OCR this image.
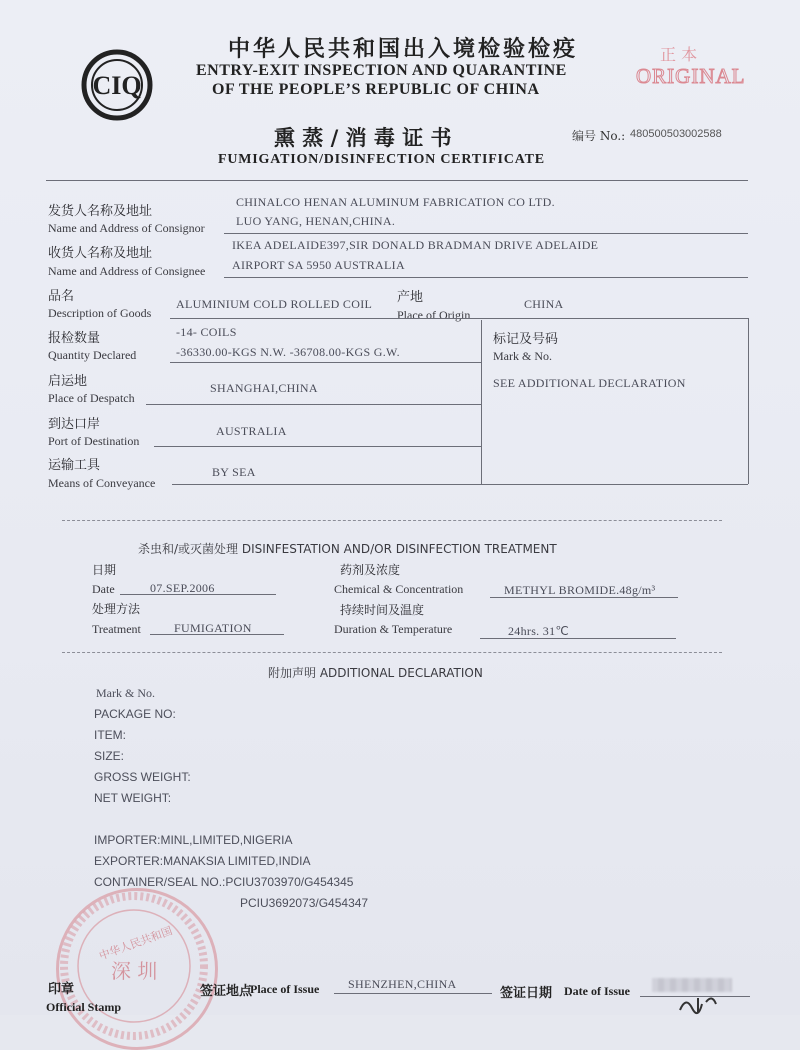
CIQ
中华人民共和国出入境检验检疫
ENTRY-EXIT INSPECTION AND QUARANTINE
OF THE PEOPLE’S REPUBLIC OF CHINA
正 本
ORIGINAL
熏 蒸 / 消 毒 证 书	编号 No.: 480500503002588
FUMIGATION/DISINFECTION CERTIFICATE
发货人名称及地址
Name and Address of Consignor
CHINALCO HENAN ALUMINUM FABRICATION CO LTD.
LUO YANG, HENAN,CHINA.
收货人名称及地址
Name and Address of Consignee
IKEA ADELAIDE397,SIR DONALD BRADMAN DRIVE ADELAIDE
AIRPORT SA 5950 AUSTRALIA
品名
Description of Goods
ALUMINIUM COLD ROLLED COIL 产地
Place of Origin
CHINA
标记及号码
Mark & No.
SEE ADDITIONAL DECLARATION
报检数量
Quantity Declared
-14- COILS
-36330.00-KGS N.W. -36708.00-KGS G.W.
启运地
Place of Despatch
SHANGHAI,CHINA
到达口岸
Port of Destination
AUSTRALIA
运输工具
Means of Conveyance
BY SEA
杀虫和/或灭菌处理 DISINFESTATION AND/OR DISINFECTION TREATMENT
日期
Date	07.SEP.2006
药剂及浓度
Chemical & Concentration	METHYL BROMIDE.48g/m³
处理方法
Treatment	FUMIGATION
持续时间及温度
Duration & Temperature	24hrs. 31℃
附加声明 ADDITIONAL DECLARATION
Mark & No.
PACKAGE NO:
ITEM:
SIZE:
GROSS WEIGHT:
NET WEIGHT:
IMPORTER:MINL,LIMITED,NIGERIA
EXPORTER:MANAKSIA LIMITED,INDIA
CONTAINER/SEAL NO.:PCIU3703970/G454345
PCIU3692073/G454347
中华人民共和国
深 圳
印章
Official Stamp
签证地点
Place of Issue SHENZHEN,CHINA
签证日期 Date of Issue
